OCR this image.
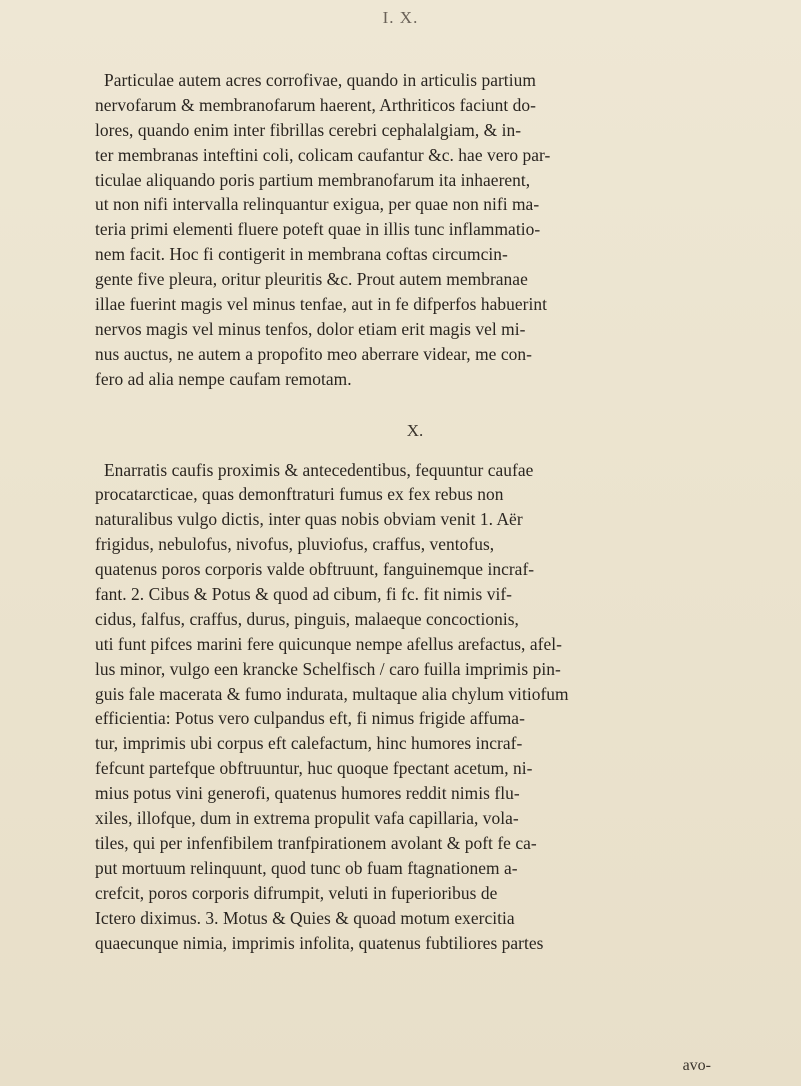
I. X.
Particulae autem acres corrofivae, quando in articulis partium
nervofarum & membranofarum haerent, Arthriticos faciunt do-
lores, quando enim inter fibrillas cerebri cephalalgiam, & in-
ter membranas inteftini coli, colicam caufantur &c. hae vero par-
ticulae aliquando poris partium membranofarum ita inhaerent,
ut non nifi intervalla relinquantur exigua, per quae non nifi ma-
teria primi elementi fluere poteft quae in illis tunc inflammatio-
nem facit. Hoc fi contigerit in membrana coftas circumcin-
gente five pleura, oritur pleuritis &c. Prout autem membranae
illae fuerint magis vel minus tenfae, aut in fe difperfos habuerint
nervos magis vel minus tenfos, dolor etiam erit magis vel mi-
nus auctus, ne autem a propofito meo aberrare videar, me con-
fero ad alia nempe caufam remotam.
X.
Enarratis caufis proximis & antecedentibus, fequuntur caufae
procatarcticae, quas demonftraturi fumus ex fex rebus non
naturalibus vulgo dictis, inter quas nobis obviam venit 1. Aër
frigidus, nebulofus, nivofus, pluviofus, craffus, ventofus,
quatenus poros corporis valde obftruunt, fanguinemque incraf-
fant. 2. Cibus & Potus & quod ad cibum, fi fc. fit nimis vif-
cidus, falfus, craffus, durus, pinguis, malaeque concoctionis,
uti funt pifces marini fere quicunque nempe afellus arefactus, afel-
lus minor, vulgo een krancke Schelfisch / caro fuilla imprimis pin-
guis fale macerata & fumo indurata, multaque alia chylum vitiofum
efficientia: Potus vero culpandus eft, fi nimus frigide affuma-
tur, imprimis ubi corpus eft calefactum, hinc humores incraf-
fefcunt partefque obftruuntur, huc quoque fpectant acetum, ni-
mius potus vini generofi, quatenus humores reddit nimis flu-
xiles, illofque, dum in extrema propulit vafa capillaria, vola-
tiles, qui per infenfibilem tranfpirationem avolant & poft fe ca-
put mortuum relinquunt, quod tunc ob fuam ftagnationem a-
crefcit, poros corporis difrumpit, veluti in fuperioribus de
Ictero diximus. 3. Motus & Quies & quoad motum exercitia
quaecunque nimia, imprimis infolita, quatenus fubtiliores partes
avo-
